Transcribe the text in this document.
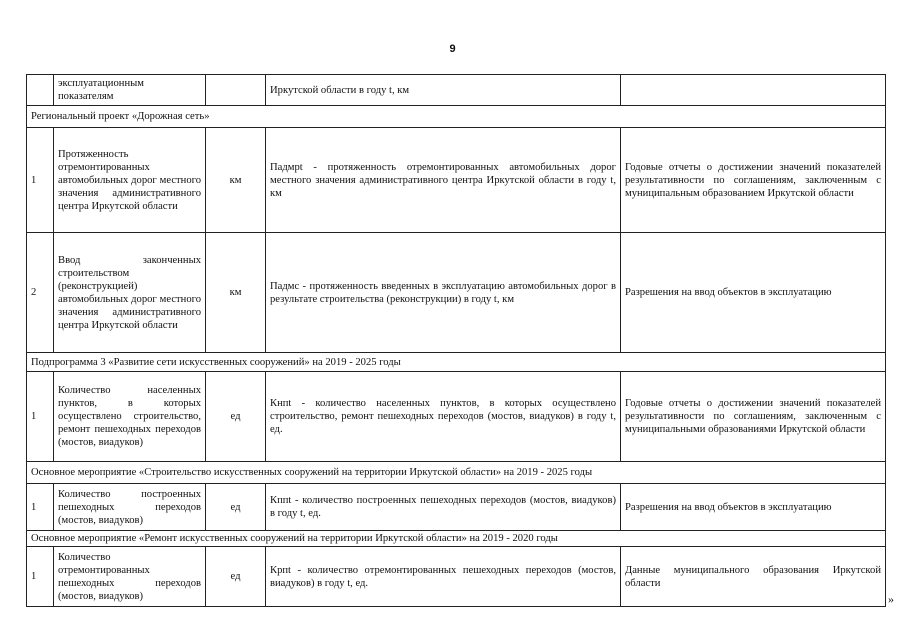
9
	эксплуатационным показателям		Иркутской области в году t, км	
Региональный проект «Дорожная сеть»				
1	Протяженность отремонтированных автомобильных дорог местного значения административного центра Иркутской области	км	Пaдмpt - протяженность отремонтированных автомобильных дорог местного значения административного центра Иркутской области в году t, км	Годовые отчеты о достижении значений показателей результативности по соглашениям, заключенным с муниципальным образованием Иркутской области
2	Ввод законченных строительством (реконструкцией) автомобильных дорог местного значения административного центра Иркутской области	км	Падмс - протяженность введенных в эксплуатацию автомобильных дорог в результате строительства (реконструкции) в году t, км	Разрешения на ввод объектов в эксплуатацию
Подпрограмма 3 «Развитие сети искусственных сооружений» на 2019 - 2025 годы				
1	Количество населенных пунктов, в которых осуществлено строительство, ремонт пешеходных переходов (мостов, виадуков)	ед	Кнпt - количество населенных пунктов, в которых осуществлено строительство, ремонт пешеходных переходов (мостов, виадуков) в году t, ед.	Годовые отчеты о достижении значений показателей результативности по соглашениям, заключенным с муниципальными образованиями Иркутской области
Основное мероприятие «Строительство искусственных сооружений на территории Иркутской области» на 2019 - 2025 годы				
1	Количество построенных пешеходных переходов (мостов, виадуков)	ед	Кппt - количество построенных пешеходных переходов (мостов, виадуков) в году t, ед.	Разрешения на ввод объектов в эксплуатацию
Основное мероприятие «Ремонт искусственных сооружений на территории Иркутской области» на 2019 - 2020 годы				
1	Количество отремонтированных пешеходных переходов (мостов, виадуков)	ед	Кpпt - количество отремонтированных пешеходных переходов (мостов, виадуков) в году t, ед.	Данные муниципального образования Иркутской области
»
